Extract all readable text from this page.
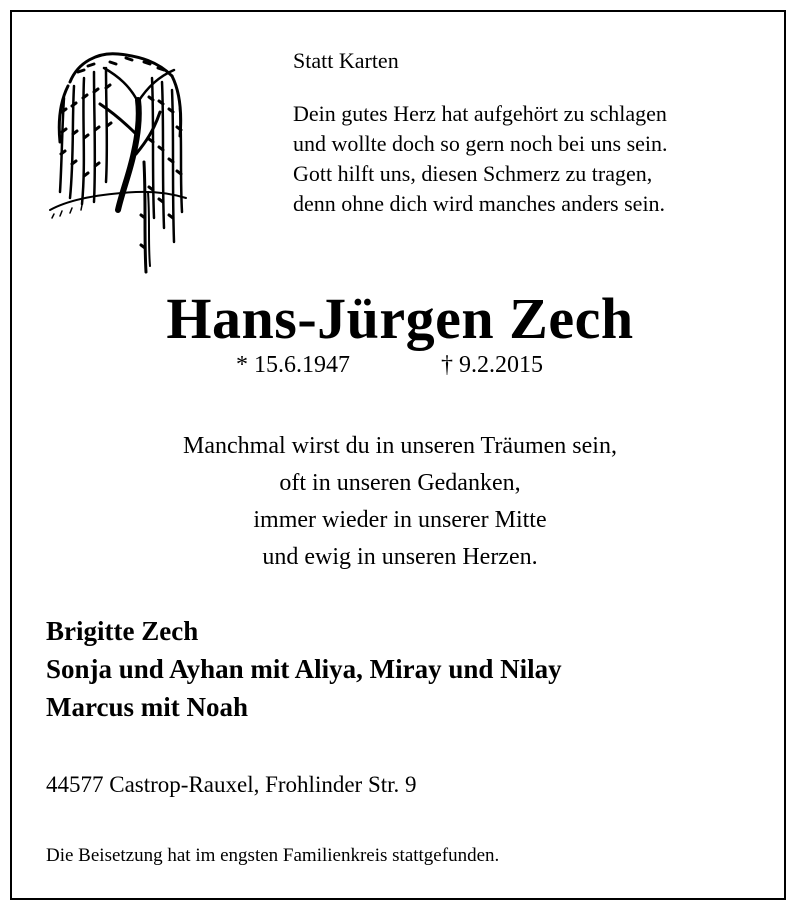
Statt Karten

Dein gutes Herz hat aufgehört zu schlagen

und wollte doch so gern noch bei uns sein.

Gott hilft uns, diesen Schmerz zu tragen,

denn ohne dich wird manches anders sein.

Hans-Jürgen Zech
* 15.6.1947	† 9.2.2015

Manchmal wirst du in unseren Träumen sein,

oft in unseren Gedanken,

immer wieder in unserer Mitte

und ewig in unseren Herzen.

Brigitte Zech

Sonja und Ayhan mit Aliya, Miray und Nilay

Marcus mit Noah

44577 Castrop-Rauxel, Frohlinder Str. 9
Die Beisetzung hat im engsten Familienkreis stattgefunden.
